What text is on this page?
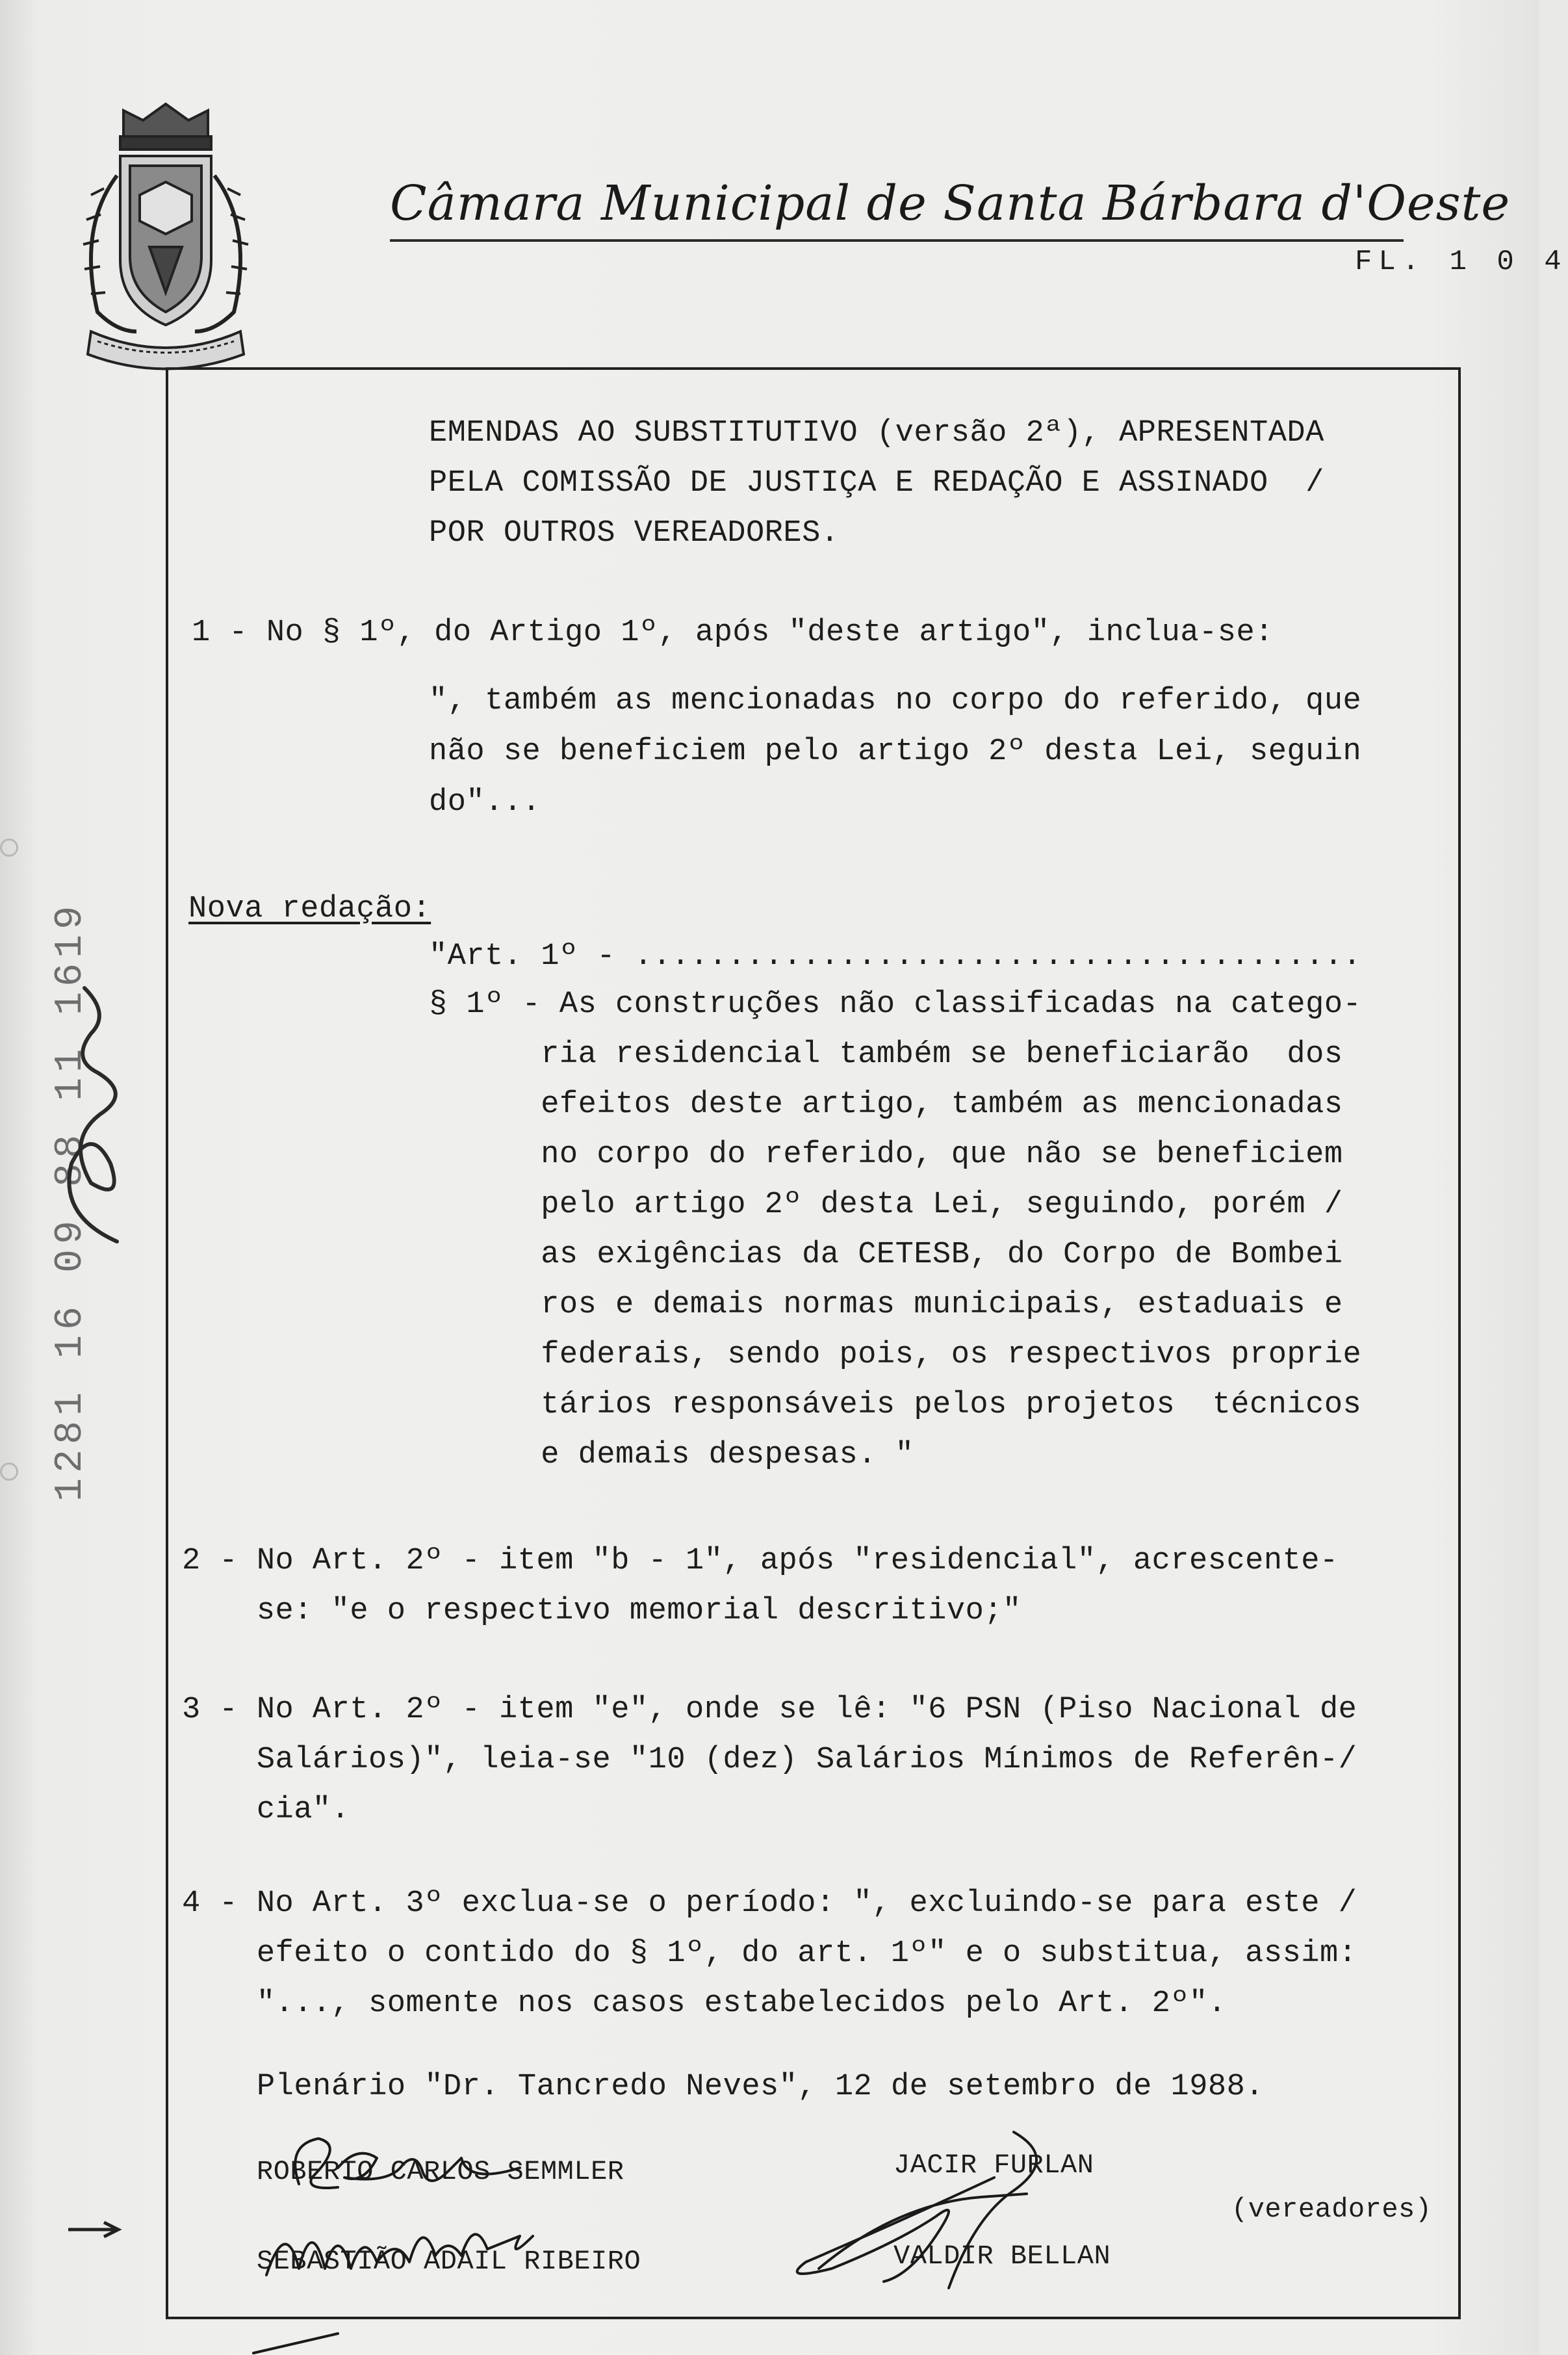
Câmara Municipal de Santa Bárbara d'Oeste
FL. 1 0 4
EMENDAS AO SUBSTITUTIVO (versão 2ª), APRESENTADA
PELA COMISSÃO DE JUSTIÇA E REDAÇÃO E ASSINADO  /
POR OUTROS VEREADORES.
1 - No § 1º, do Artigo 1º, após "deste artigo", inclua-se:
", também as mencionadas no corpo do referido, que
não se beneficiem pelo artigo 2º desta Lei, seguin
do"...
Nova redação:
"Art. 1º - .......................................
§ 1º - As construções não classificadas na catego-
ria residencial também se beneficiarão  dos
efeitos deste artigo, também as mencionadas
no corpo do referido, que não se beneficiem
pelo artigo 2º desta Lei, seguindo, porém /
as exigências da CETESB, do Corpo de Bombei
ros e demais normas municipais, estaduais e
federais, sendo pois, os respectivos proprie
tários responsáveis pelos projetos  técnicos
e demais despesas. "
2 - No Art. 2º - item "b - 1", após "residencial", acrescente-
se: "e o respectivo memorial descritivo;"
3 - No Art. 2º - item "e", onde se lê: "6 PSN (Piso Nacional de
Salários)", leia-se "10 (dez) Salários Mínimos de Referên-/
cia".
4 - No Art. 3º exclua-se o período: ", excluindo-se para este /
efeito o contido do § 1º, do art. 1º" e o substitua, assim:
"..., somente nos casos estabelecidos pelo Art. 2º".
Plenário "Dr. Tancredo Neves", 12 de setembro de 1988.
ROBERTO CARLOS SEMMLER	JACIR FURLAN
(vereadores)
SEBASTIÃO ADAIL RIBEIRO	VALDIR BELLAN
1281 16 09 88 11 1619
